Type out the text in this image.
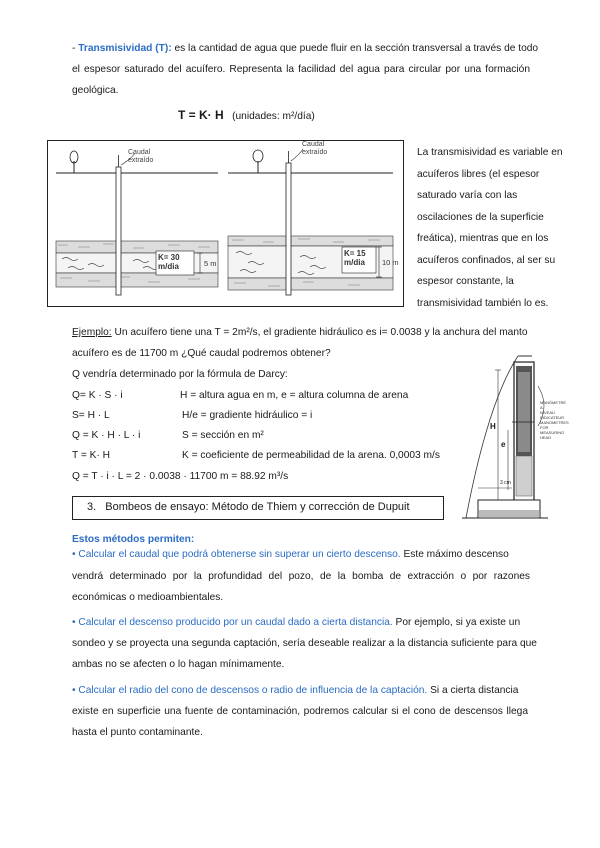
- Transmisividad (T): es la cantidad de agua que puede fluir en la sección transversal a través de todo
el espesor saturado del acuífero. Representa la facilidad del agua para circular por una formación
geológica.
T = K· H (unidades: m²/día)
Caudal
extraído
K= 30
m/dia	5 m
Caudal
extraído
K= 15
m/dia 10 m
La transmisividad es variable en
acuíferos libres (el espesor
saturado varía con las
oscilaciones de la superficie
freática), mientras que en los
acuíferos confinados, al ser su
espesor constante, la
transmisividad también lo es.
Ejemplo: Un acuífero tiene una T = 2m²/s, el gradiente hidráulico es i= 0.0038 y la anchura del manto
acuífero es de 11700 m ¿Qué caudal podremos obtener?
Q vendría determinado por la fórmula de Darcy:
Q= K · S · i	H = altura agua en m, e = altura columna de arena
S= H · L	H/e = gradiente hidráulico = i
Q = K · H · L · i	S = sección en m²
T = K· H	K = coeficiente de permeabilidad de la arena. 0,0003 m/s
Q = T · i · L = 2 · 0.0038 · 11700 m = 88.92 m³/s
H
e
3 cm
MANÓMETRE A NIVEAU INDICATEUR MANOMETRES FOR MEASURING HEAD
3. Bombeos de ensayo: Método de Thiem y corrección de Dupuit
Estos métodos permiten:
• Calcular el caudal que podrá obtenerse sin superar un cierto descenso. Este máximo descenso
vendrá determinado por la profundidad del pozo, de la bomba de extracción o por razones
económicas o medioambientales.
• Calcular el descenso producido por un caudal dado a cierta distancia. Por ejemplo, si ya existe un
sondeo y se proyecta una segunda captación, sería deseable realizar a la distancia suficiente para que
ambas no se afecten o lo hagan mínimamente.
• Calcular el radio del cono de descensos o radio de influencia de la captación. Si a cierta distancia
existe en superficie una fuente de contaminación, podremos calcular si el cono de descensos llega
hasta el punto contaminante.
